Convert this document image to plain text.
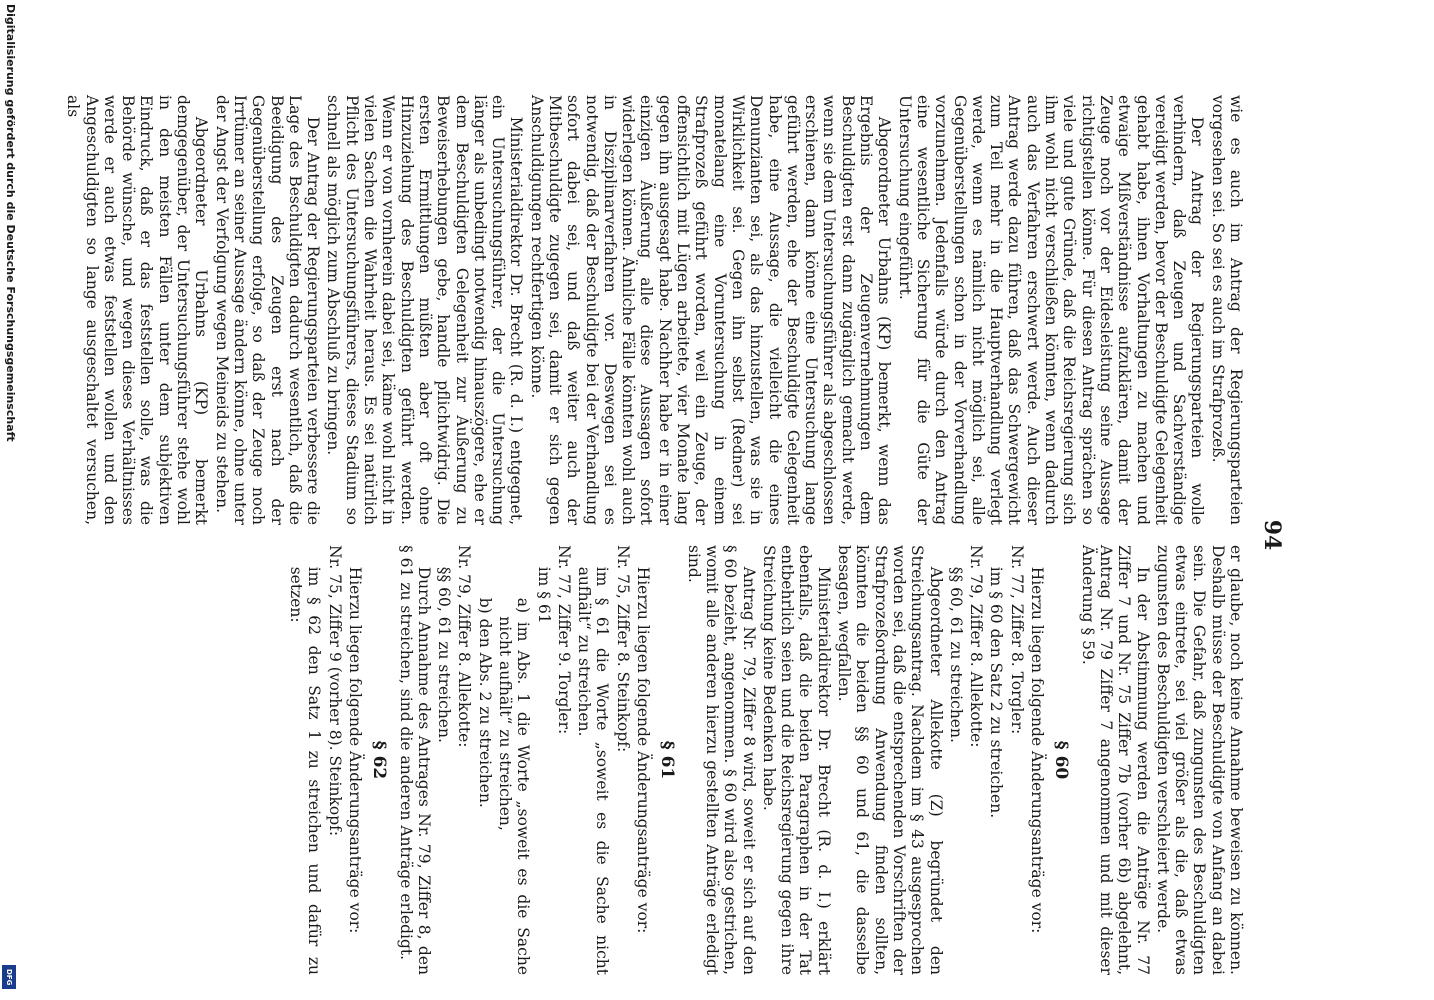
94

wie es auch im Antrag der Regierungsparteien vorgesehen sei. So sei es auch im Strafprozeß.

Der Antrag der Regierungsparteien wolle verhindern, daß Zeugen und Sachverständige vereidigt werden, bevor der Beschuldigte Gelegenheit gehabt habe, ihnen Vorhaltungen zu machen und etwaige Mißverständnisse aufzuklären, damit der Zeuge noch vor der Eidesleistung seine Aussage richtigstellen könne. Für diesen Antrag sprächen so viele und gute Gründe, daß die Reichsregierung sich ihm wohl nicht verschließen könnten, wenn dadurch auch das Verfahren erschwert werde. Auch dieser Antrag werde dazu führen, daß das Schwergewicht zum Teil mehr in die Hauptverhandlung verlegt werde, wenn es nämlich nicht möglich sei, alle Gegenüberstellungen schon in der Vorverhandlung vorzunehmen. Jedenfalls würde durch den Antrag eine wesentliche Sicherung für die Güte der Untersuchung eingeführt.

Abgeordneter Urbahns (KP) bemerkt, wenn das Ergebnis der Zeugenvernehmungen dem Beschuldigten erst dann zugänglich gemacht werde, wenn sie dem Untersuchungsführer als abgeschlossen erschienen, dann könne eine Untersuchung lange geführt werden, ehe der Beschuldigte Gelegenheit habe, eine Aussage, die vielleicht die eines Denunzianten sei, als das hinzustellen, was sie in Wirklichkeit sei. Gegen ihn selbst (Redner) sei monatelang eine Voruntersuchung in einem Strafprozeß geführt worden, weil ein Zeuge, der offensichtlich mit Lügen arbeitete, vier Monate lang gegen ihn ausgesagt habe. Nachher habe er in einer einzigen Äußerung alle diese Aussagen sofort widerlegen können. Ähnliche Fälle könnten wohl auch in Disziplinarverfahren vor. Deswegen sei es notwendig, daß der Beschuldigte bei der Verhandlung sofort dabei sei, und daß weiter auch der Mitbeschuldigte zugegen sei, damit er sich gegen Anschuldigungen rechtfertigen könne.

Ministerialdirektor Dr. Brecht (R. d. I.) entgegnet, ein Untersuchungsführer, der die Untersuchung länger als unbedingt notwendig hinauszögere, ehe er dem Beschuldigten Gelegenheit zur Äußerung zu Beweiserhebungen gebe, handle pflichtwidrig. Die ersten Ermittlungen müßten aber oft ohne Hinzuziehung des Beschuldigten geführt werden. Wenn er von vornherein dabei sei, käme wohl nicht in vielen Sachen die Wahrheit heraus. Es sei natürlich Pflicht des Untersuchungsführers, dieses Stadium so schnell als möglich zum Abschluß zu bringen.

Der Antrag der Regierungsparteien verbessere die Lage des Beschuldigten dadurch wesentlich, daß die Beeidigung des Zeugen erst nach der Gegenüberstellung erfolge, so daß der Zeuge noch Irrtümer an seiner Aussage ändern könne, ohne unter der Angst der Verfolgung wegen Meineids zu stehen.

Abgeordneter Urbahns (KP) bemerkt demgegenüber, der Untersuchungsführer stehe wohl in den meisten Fällen unter dem subjektiven Eindruck, daß er das feststellen solle, was die Behörde wünsche, und wegen dieses Verhältnisses werde er auch etwas feststellen wollen und den Angeschuldigten so lange ausgeschaltet versuchen, als

er glaube, noch keine Annahme beweisen zu können. Deshalb müsse der Beschuldigte von Anfang an dabei sein. Die Gefahr, daß zungunsten des Beschuldigten etwas eintrete, sei viel größer als die, daß etwas zugunsten des Beschuldigten verschleiert werde.

In der Abstimmung werden die Anträge Nr. 77 Ziffer 7 und Nr. 75 Ziffer 7b (vorher 6b) abgelehnt, Antrag Nr. 79 Ziffer 7 angenommen und mit dieser Änderung § 59.

§ 60

Hierzu liegen folgende Änderungsanträge vor:

Nr. 77, Ziffer 8. Torgler:

im § 60 den Satz 2 zu streichen.

Nr. 79, Ziffer 8. Allekotte:

§§ 60, 61 zu streichen.

Abgeordneter Allekotte (Z) begründet den Streichungsantrag. Nachdem im § 43 ausgesprochen worden sei, daß die entsprechenden Vorschriften der Strafprozeßordnung Anwendung finden sollten, könnten die beiden §§ 60 und 61, die dasselbe besagen, wegfallen.

Ministerialdirektor Dr. Brecht (R. d. I.) erklärt ebenfalls, daß die beiden Paragraphen in der Tat entbehrlich seien und die Reichsregierung gegen ihre Streichung keine Bedenken habe.

Antrag Nr. 79, Ziffer 8 wird, soweit er sich auf den § 60 bezieht, angenommen. § 60 wird also gestrichen, womit alle anderen hierzu gestellten Anträge erledigt sind.

§ 61

Hierzu liegen folgende Änderungsanträge vor:

Nr. 75, Ziffer 8. Steinkopf:

im § 61 die Worte „soweit es die Sache nicht aufhält“ zu streichen.

Nr. 77, Ziffer 9. Torgler:

im § 61

a) im Abs. 1 die Worte „soweit es die Sache nicht aufhält“ zu streichen,

b) den Abs. 2 zu streichen.

Nr. 79, Ziffer 8. Allekotte:

§§ 60, 61 zu streichen.

Durch Annahme des Antrages Nr. 79, Ziffer 8, den § 61 zu streichen, sind die anderen Anträge erledigt.

§ 62

Hierzu liegen folgende Änderungsanträge vor:

Nr. 75, Ziffer 9 (vorher 8). Steinkopf:

im § 62 den Satz 1 zu streichen und dafür zu setzen:

Digitalisierung gefördert durch die Deutsche Forschungsgemeinschaft
DFG
